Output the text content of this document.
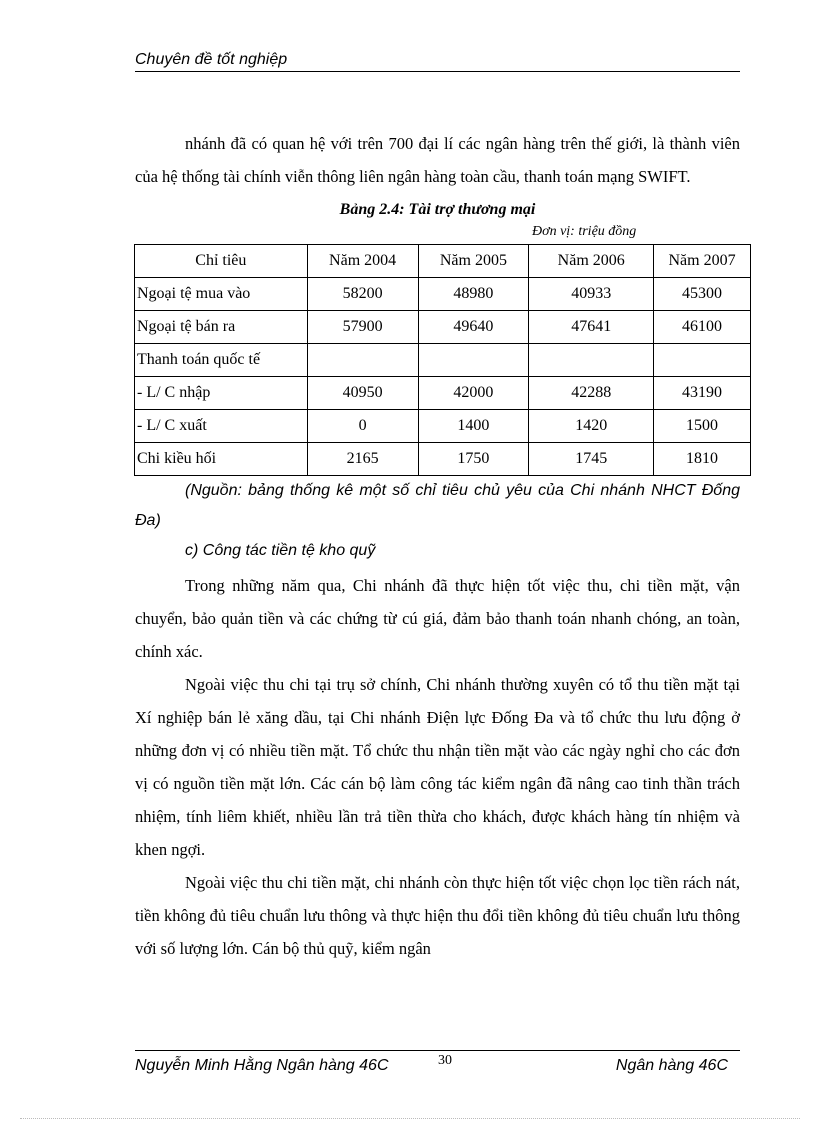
Chuyên đề tốt nghiệp

nhánh đã có quan hệ với trên 700 đại lí các ngân hàng trên thế giới, là thành viên của hệ thống tài chính viễn thông liên ngân hàng toàn cầu, thanh toán mạng SWIFT.

Bảng 2.4: Tài trợ thương mại
Đơn vị: triệu đồng
Chỉ tiêu	Năm 2004	Năm 2005	Năm 2006	Năm 2007
Ngoại tệ mua vào	58200	48980	40933	45300
Ngoại tệ bán ra	57900	49640	47641	46100
Thanh toán quốc tế				
- L/ C nhập	40950	42000	42288	43190
- L/ C xuất	0	1400	1420	1500
Chi kiều hối	2165	1750	1745	1810

(Nguồn: bảng thống kê một số chỉ tiêu chủ yêu của Chi nhánh NHCT Đống Đa)

c) Công tác tiền tệ kho quỹ

Trong những năm qua, Chi nhánh đã thực hiện tốt việc thu, chi tiền mặt, vận chuyển, bảo quản tiền và các chứng từ cú giá, đảm bảo thanh toán nhanh chóng, an toàn, chính xác.

Ngoài việc thu chi tại trụ sở chính, Chi nhánh thường xuyên có tổ thu tiền mặt tại Xí nghiệp bán lẻ xăng dầu, tại Chi nhánh Điện lực Đống Đa và tổ chức thu lưu động ở những đơn vị có nhiều tiền mặt. Tổ chức thu nhận tiền mặt vào các ngày nghỉ cho các đơn vị có nguồn tiền mặt lớn. Các cán bộ làm công tác kiểm ngân đã nâng cao tinh thần trách nhiệm, tính liêm khiết, nhiều lần trả tiền thừa cho khách, được khách hàng tín nhiệm và khen ngợi.

Ngoài việc thu chi tiền mặt, chi nhánh còn thực hiện tốt việc chọn lọc tiền rách nát, tiền không đủ tiêu chuẩn lưu thông và thực hiện thu đổi tiền không đủ tiêu chuẩn lưu thông với số lượng lớn. Cán bộ thủ quỹ, kiểm ngân

Nguyễn Minh Hằng Ngân hàng 46C	30	Ngân hàng 46C
